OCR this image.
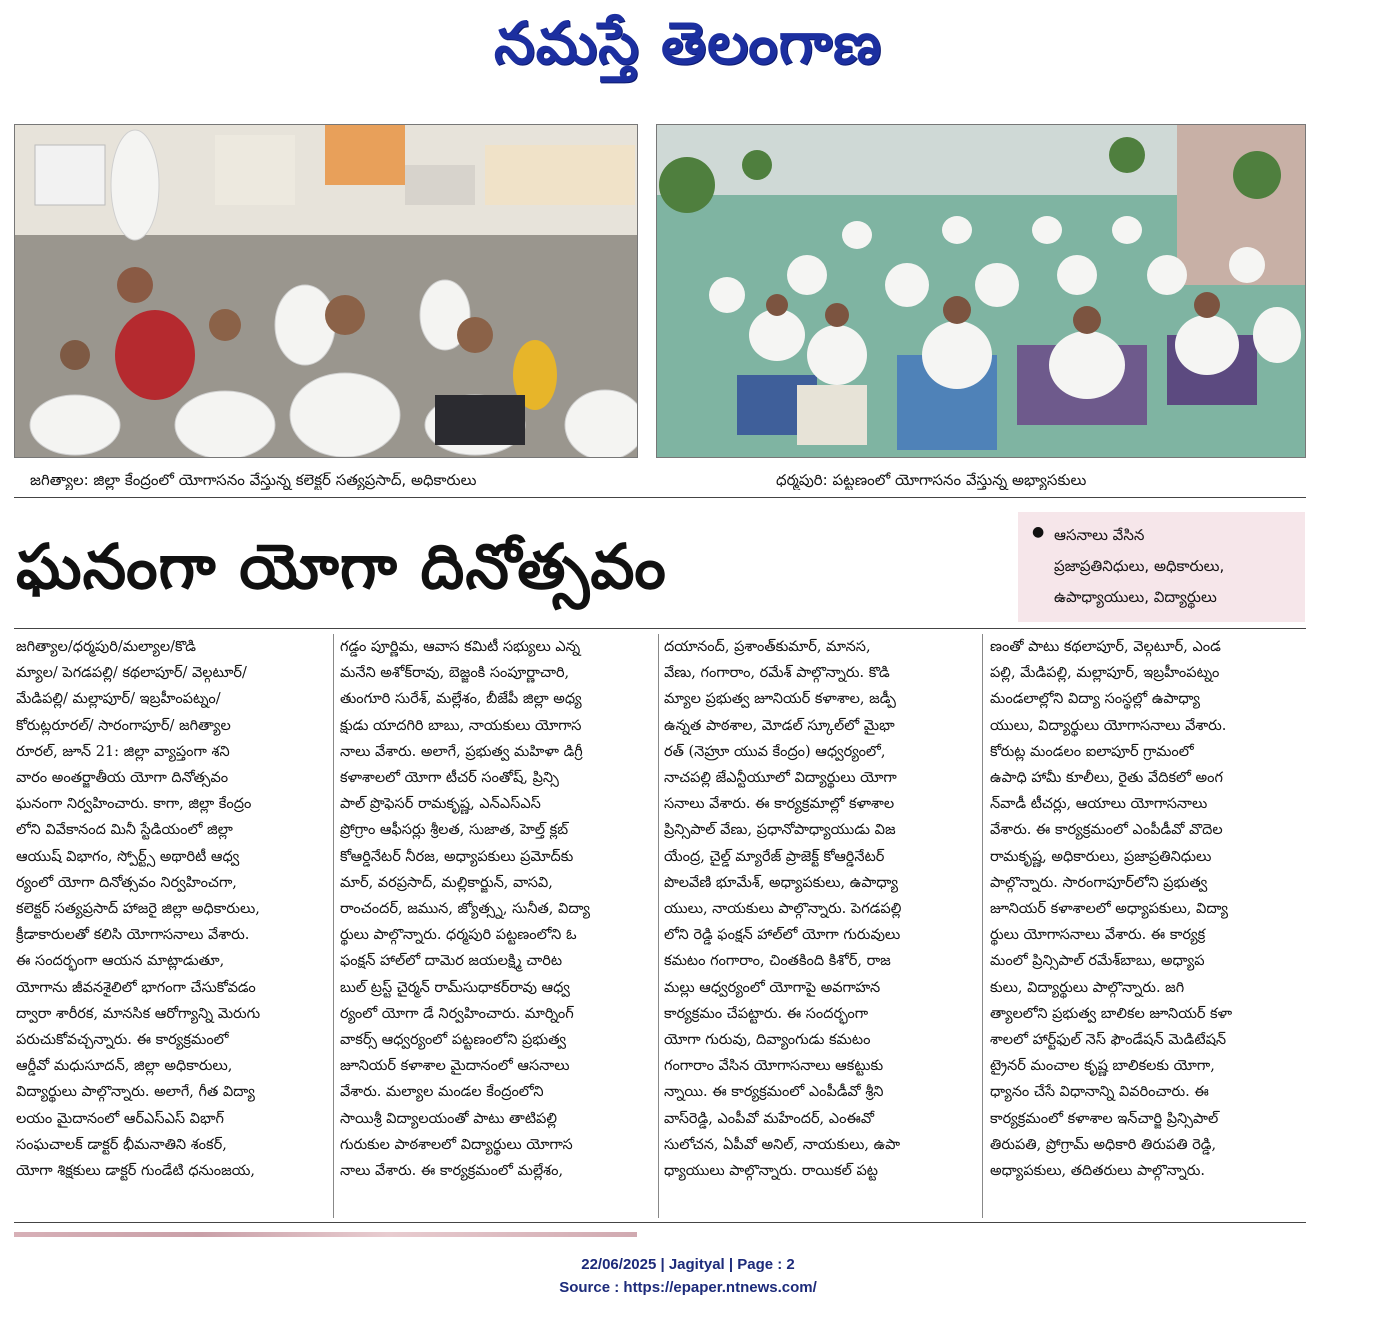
నమస్తే తెలంగాణ
జగిత్యాల: జిల్లా కేంద్రంలో యోగాసనం వేస్తున్న కలెక్టర్ సత్యప్రసాద్, అధికారులు	ధర్మపురి: పట్టణంలో యోగాసనం వేస్తున్న అభ్యాసకులు
ఘనంగా యోగా దినోత్సవం	● ఆసనాలు వేసిన

ప్రజాప్రతినిధులు, అధికారులు,

ఉపాధ్యాయులు, విద్యార్థులు

జగిత్యాల/ధర్మపురి/మల్యాల/కొడి
మ్యాల/ పెగడపల్లి/ కథలాపూర్/ వెల్గటూర్/
మేడిపల్లి/ మల్లాపూర్/ ఇబ్రహీంపట్నం/
కోరుట్లరూరల్/ సారంగాపూర్/ జగిత్యాల
రూరల్, జూన్ 21: జిల్లా వ్యాప్తంగా శని
వారం అంతర్జాతీయ యోగా దినోత్సవం
ఘనంగా నిర్వహించారు. కాగా, జిల్లా కేంద్రం
లోని వివేకానంద మినీ స్టేడియంలో జిల్లా
ఆయుష్ విభాగం, స్పోర్ట్స్ అథారిటీ ఆధ్వ
ర్యంలో యోగా దినోత్సవం నిర్వహించగా,
కలెక్టర్ సత్యప్రసాద్ హాజరై జిల్లా అధికారులు,
క్రీడాకారులతో కలిసి యోగాసనాలు వేశారు.
ఈ సందర్భంగా ఆయన మాట్లాడుతూ,
యోగాను జీవనశైలిలో భాగంగా చేసుకోవడం
ద్వారా శారీరక, మానసిక ఆరోగ్యాన్ని మెరుగు
పరుచుకోవచ్చన్నారు. ఈ కార్యక్రమంలో
ఆర్డీవో మధుసూదన్, జిల్లా అధికారులు,
విద్యార్థులు పాల్గొన్నారు. అలాగే, గీత విద్యా
లయం మైదానంలో ఆర్‌ఎస్‌ఎస్ విభాగ్
సంఘచాలక్ డాక్టర్ భీమనాతిని శంకర్,
యోగా శిక్షకులు డాక్టర్ గుండేటి ధనుంజయ,
గడ్డం పూర్ణిమ, ఆవాస కమిటీ సభ్యులు ఎన్న
మనేని అశోక్‌రావు, బెజ్జంకి సంపూర్ణాచారి,
తుంగూరి సురేశ్, మల్లేశం, బీజేపీ జిల్లా అధ్య
క్షుడు యాదగిరి బాబు, నాయకులు యోగాస
నాలు వేశారు. అలాగే, ప్రభుత్వ మహిళా డిగ్రీ
కళాశాలలో యోగా టీచర్ సంతోష్, ప్రిన్సి
పాల్ ప్రొఫెసర్ రామకృష్ణ, ఎన్‌ఎస్‌ఎస్
ప్రోగ్రాం ఆఫీసర్లు శ్రీలత, సుజాత, హెల్త్ క్లబ్
కోఆర్డినేటర్ నీరజ, అధ్యాపకులు ప్రమోద్‌కు
మార్, వరప్రసాద్, మల్లికార్జున్, వాసవి,
రాంచందర్, జమున, జ్యోత్స్న, సునీత, విద్యా
ర్థులు పాల్గొన్నారు. ధర్మపురి పట్టణంలోని ఓ
ఫంక్షన్ హాల్‌లో దామెర జయలక్ష్మి చారిట
బుల్ ట్రస్ట్ చైర్మన్ రామ్‌సుధాకర్‌రావు ఆధ్వ
ర్యంలో యోగా డే నిర్వహించారు. మార్నింగ్
వాకర్స్ ఆధ్వర్యంలో పట్టణంలోని ప్రభుత్వ
జూనియర్ కళాశాల మైదానంలో ఆసనాలు
వేశారు. మల్యాల మండల కేంద్రంలోని
సాయిశ్రీ విద్యాలయంతో పాటు తాటిపల్లి
గురుకుల పాఠశాలలో విద్యార్థులు యోగాస
నాలు వేశారు. ఈ కార్యక్రమంలో మల్లేశం,
దయానంద్, ప్రశాంత్‌కుమార్, మానస,
వేణు, గంగారాం, రమేశ్ పాల్గొన్నారు. కొడి
మ్యాల ప్రభుత్వ జూనియర్ కళాశాల, జడ్పీ
ఉన్నత పాఠశాల, మోడల్ స్కూల్‌లో మైభా
రత్ (నెహ్రూ యువ కేంద్రం) ఆధ్వర్యంలో,
నాచపల్లి జేఎన్టీయూలో విద్యార్థులు యోగా
సనాలు వేశారు. ఈ కార్యక్రమాల్లో కళాశాల
ప్రిన్సిపాల్ వేణు, ప్రధానోపాధ్యాయుడు విజ
యేంద్ర, చైల్డ్ మ్యారేజ్ ప్రాజెక్ట్ కోఆర్డినేటర్
పొలవేణి భూమేశ్, అధ్యాపకులు, ఉపాధ్యా
యులు, నాయకులు పాల్గొన్నారు. పెగడపల్లి
లోని రెడ్డి ఫంక్షన్ హాల్‌లో యోగా గురువులు
కమటం గంగారాం, చింతకింది కిశోర్, రాజ
మల్లు ఆధ్వర్యంలో యోగాపై అవగాహన
కార్యక్రమం చేపట్టారు. ఈ సందర్భంగా
యోగా గురువు, దివ్యాంగుడు కమటం
గంగారాం వేసిన యోగాసనాలు ఆకట్టుకు
న్నాయి. ఈ కార్యక్రమంలో ఎంపీడీవో శ్రీని
వాస్‌రెడ్డి, ఎంపీవో మహేందర్, ఎంఈవో
సులోచన, ఏపీవో అనిల్, నాయకులు, ఉపా
ధ్యాయులు పాల్గొన్నారు. రాయికల్ పట్ట
ణంతో పాటు కథలాపూర్, వెల్గటూర్, ఎండ
పల్లి, మేడిపల్లి, మల్లాపూర్, ఇబ్రహీంపట్నం
మండలాల్లోని విద్యా సంస్థల్లో ఉపాధ్యా
యులు, విద్యార్థులు యోగాసనాలు వేశారు.
కోరుట్ల మండలం ఐలాపూర్ గ్రామంలో
ఉపాధి హామీ కూలీలు, రైతు వేదికలో అంగ
న్‌వాడీ టీచర్లు, ఆయాలు యోగాసనాలు
వేశారు. ఈ కార్యక్రమంలో ఎంపీడీవో వొదెల
రామకృష్ణ, అధికారులు, ప్రజాప్రతినిధులు
పాల్గొన్నారు. సారంగాపూర్‌లోని ప్రభుత్వ
జూనియర్ కళాశాలలో అధ్యాపకులు, విద్యా
ర్థులు యోగాసనాలు వేశారు. ఈ కార్యక్ర
మంలో ప్రిన్సిపాల్ రమేశ్‌బాబు, అధ్యాప
కులు, విద్యార్థులు పాల్గొన్నారు. జగి
త్యాలలోని ప్రభుత్వ బాలికల జూనియర్ కళా
శాలలో హార్ట్‌ఫుల్ నెస్ ఫౌండేషన్ మెడిటేషన్
ట్రైనర్ మంచాల కృష్ణ బాలికలకు యోగా,
ధ్యానం చేసే విధానాన్ని వివరించారు. ఈ
కార్యక్రమంలో కళాశాల ఇన్‌చార్జి ప్రిన్సిపాల్
తిరుపతి, ప్రోగ్రామ్ అధికారి తిరుపతి రెడ్డి,
అధ్యాపకులు, తదితరులు పాల్గొన్నారు.
22/06/2025 | Jagityal | Page : 2
Source : https://epaper.ntnews.com/
